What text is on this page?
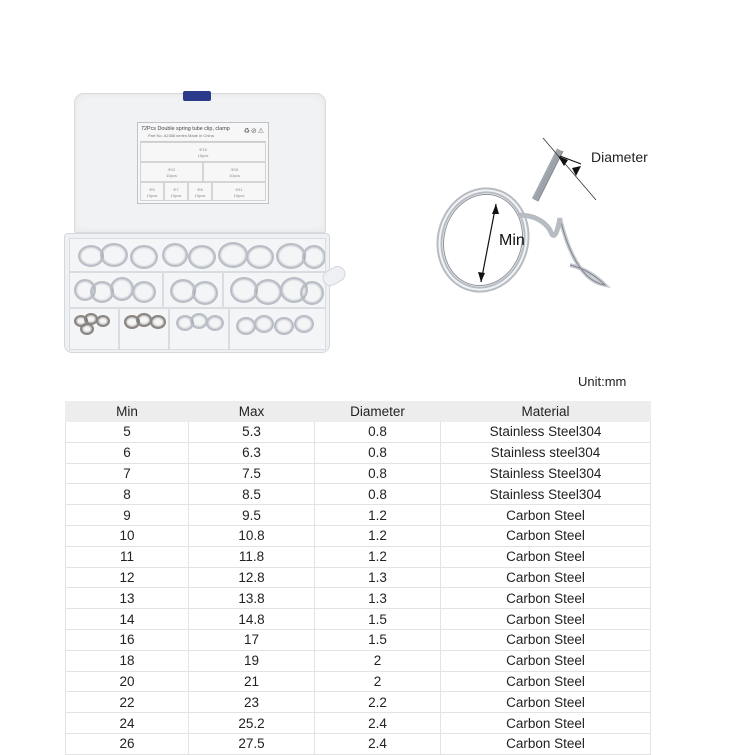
72Pcs Double spring tube clip, clamp
Part No. A2388 series Made in China
♻⊘⚠
Φ16
10pcs
Φ12
10pcs
Φ15
10pcs
Φ5
10pcs
Φ7
10pcs
Φ8
10pcs
Φ11
10pcs
Diameter
Min
Unit:mm
Min	Max	Diameter	Material
5	5.3	0.8	Stainless Steel304
6	6.3	0.8	Stainless steel304
7	7.5	0.8	Stainless Steel304
8	8.5	0.8	Stainless Steel304
9	9.5	1.2	Carbon Steel
10	10.8	1.2	Carbon Steel
11	11.8	1.2	Carbon Steel
12	12.8	1.3	Carbon Steel
13	13.8	1.3	Carbon Steel
14	14.8	1.5	Carbon Steel
16	17	1.5	Carbon Steel
18	19	2	Carbon Steel
20	21	2	Carbon Steel
22	23	2.2	Carbon Steel
24	25.2	2.4	Carbon Steel
26	27.5	2.4	Carbon Steel
